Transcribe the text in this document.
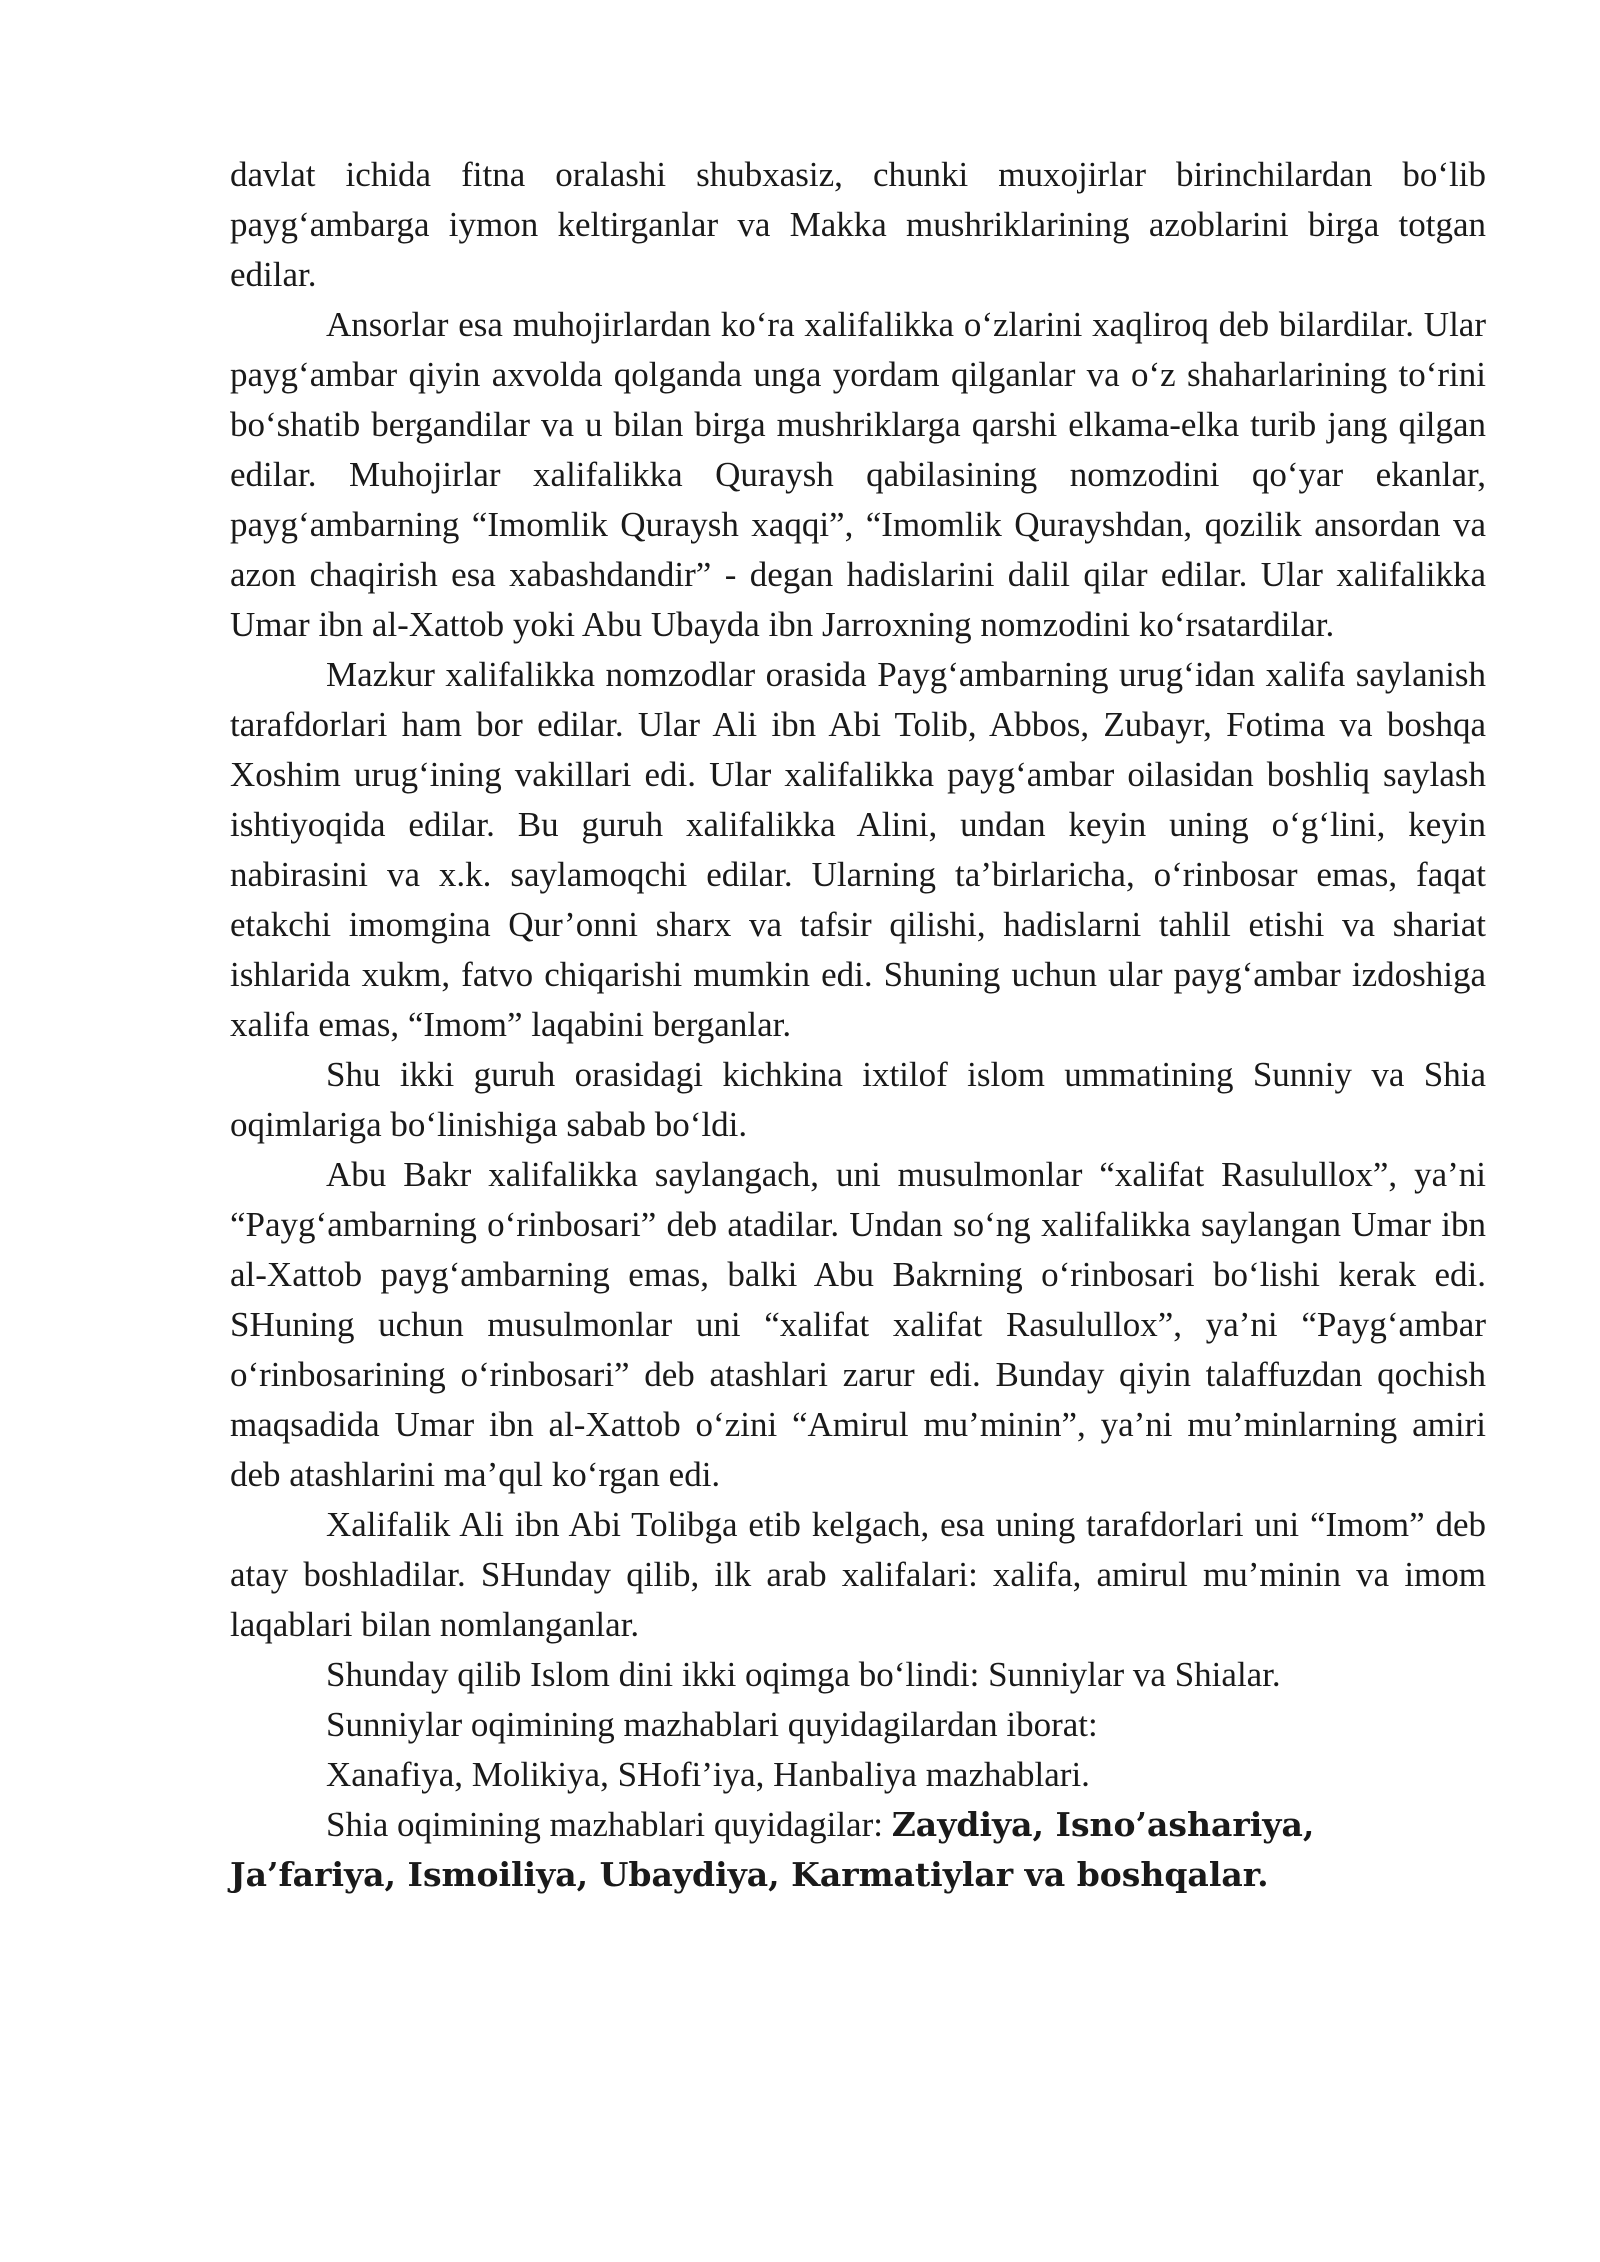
davlat ichida fitna oralashi shubxasiz, chunki muxojirlar birinchilardan bo‘lib payg‘ambarga iymon keltirganlar va Makka mushriklarining azoblarini birga totgan edilar.

Ansorlar esa muhojirlardan ko‘ra xalifalikka o‘zlarini xaqliroq deb bilardilar. Ular payg‘ambar qiyin axvolda qolganda unga yordam qilganlar va o‘z shaharlarining to‘rini bo‘shatib bergandilar va u bilan birga mushriklarga qarshi elkama-elka turib jang qilgan edilar. Muhojirlar xalifalikka Quraysh qabilasining nomzodini qo‘yar ekanlar, payg‘ambarning “Imomlik Quraysh xaqqi”, “Imomlik Qurayshdan, qozilik ansordan va azon chaqirish esa xabashdandir” - degan hadislarini dalil qilar edilar. Ular xalifalikka Umar ibn al-Xattob yoki Abu Ubayda ibn Jarroxning nomzodini ko‘rsatardilar.

Mazkur xalifalikka nomzodlar orasida Payg‘ambarning urug‘idan xalifa saylanish tarafdorlari ham bor edilar. Ular Ali ibn Abi Tolib, Abbos, Zubayr, Fotima va boshqa Xoshim urug‘ining vakillari edi. Ular xalifalikka payg‘ambar oilasidan boshliq saylash ishtiyoqida edilar. Bu guruh xalifalikka Alini, undan keyin uning o‘g‘lini, keyin nabirasini va x.k. saylamoqchi edilar. Ularning ta’birlaricha, o‘rinbosar emas, faqat etakchi imomgina Qur’onni sharx va tafsir qilishi, hadislarni tahlil etishi va shariat ishlarida xukm, fatvo chiqarishi mumkin edi. Shuning uchun ular payg‘ambar izdoshiga xalifa emas, “Imom” laqabini berganlar.

Shu ikki guruh orasidagi kichkina ixtilof islom ummatining Sunniy va Shia oqimlariga bo‘linishiga sabab bo‘ldi.

Abu Bakr xalifalikka saylangach, uni musulmonlar “xalifat Rasulullox”, ya’ni “Payg‘ambarning o‘rinbosari” deb atadilar. Undan so‘ng xalifalikka saylangan Umar ibn al-Xattob payg‘ambarning emas, balki Abu Bakrning o‘rinbosari bo‘lishi kerak edi. SHuning uchun musulmonlar uni “xalifat xalifat Rasulullox”, ya’ni “Payg‘ambar o‘rinbosarining o‘rinbosari” deb atashlari zarur edi. Bunday qiyin talaffuzdan qochish maqsadida Umar ibn al-Xattob o‘zini “Amirul mu’minin”, ya’ni mu’minlarning amiri deb atashlarini ma’qul ko‘rgan edi.

Xalifalik Ali ibn Abi Tolibga etib kelgach, esa uning tarafdorlari uni “Imom” deb atay boshladilar. SHunday qilib, ilk arab xalifalari: xalifa, amirul mu’minin va imom laqablari bilan nomlanganlar.

Shunday qilib Islom dini ikki oqimga bo‘lindi: Sunniylar va Shialar.

Sunniylar oqimining mazhablari quyidagilardan iborat:

Xanafiya, Molikiya, SHofi’iya, Hanbaliya mazhablari.

Shia oqimining mazhablari quyidagilar: Zaydiya, Isno’ashariya, Ja’fariya, Ismoiliya, Ubaydiya, Karmatiylar va boshqalar.
